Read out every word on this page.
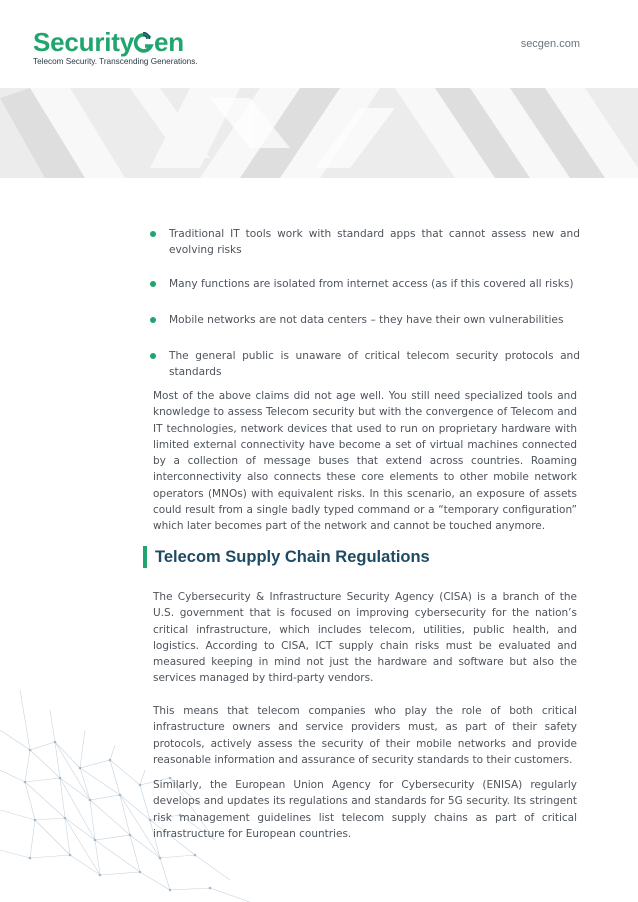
Security en
Telecom Security. Transcending Generations.
secgen.com
Traditional IT tools work with standard apps that cannot assess new and evolving risks
Many functions are isolated from internet access (as if this covered all risks)
Mobile networks are not data centers – they have their own vulnerabilities
The general public is unaware of critical telecom security protocols and standards

Most of the above claims did not age well. You still need specialized tools and knowledge to assess Telecom security but with the convergence of Telecom and IT technologies, network devices that used to run on proprietary hardware with limited external connectivity have become a set of virtual machines connected by a collection of message buses that extend across countries. Roaming interconnectivity also connects these core elements to other mobile network operators (MNOs) with equivalent risks. In this scenario, an exposure of assets could result from a single badly typed command or a “temporary configuration” which later becomes part of the network and cannot be touched anymore.

Telecom Supply Chain Regulations

The Cybersecurity & Infrastructure Security Agency (CISA) is a branch of the U.S. government that is focused on improving cybersecurity for the nation’s critical infrastructure, which includes telecom, utilities, public health, and logistics. According to CISA, ICT supply chain risks must be evaluated and measured keeping in mind not just the hardware and software but also the services managed by third-party vendors.

This means that telecom companies who play the role of both critical infrastructure owners and service providers must, as part of their safety protocols, actively assess the security of their mobile networks and provide reasonable information and assurance of security standards to their customers.

Similarly, the European Union Agency for Cybersecurity (ENISA) regularly develops and updates its regulations and standards for 5G security. Its stringent risk management guidelines list telecom supply chains as part of critical infrastructure for European countries.
